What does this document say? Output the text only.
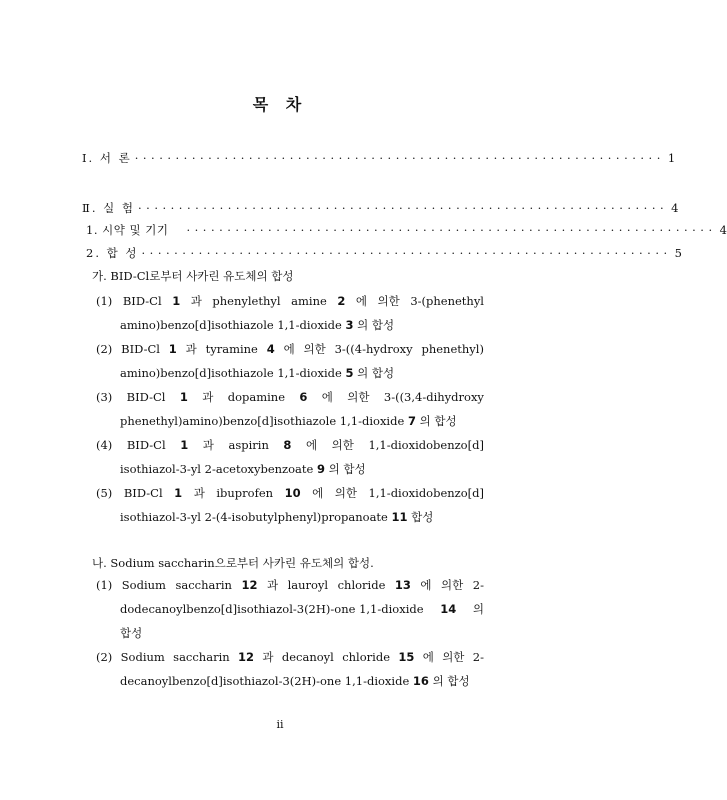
목 차
Ⅰ. 서 론 ································································· 1
Ⅱ. 실 험 ································································· 4
1. 시약 및 기기 ································································· 4
2. 합 성 ································································· 5
가. BID-Cl로부터 사카린 유도체의 합성
(1) BID-Cl 1 과 phenylethyl amine 2 에 의한 3-(phenethyl
amino)benzo[d]isothiazole 1,1-dioxide 3 의 합성
(2) BID-Cl 1 과 tyramine 4 에 의한 3-((4-hydroxy phenethyl)
amino)benzo[d]isothiazole 1,1-dioxide 5 의 합성
(3) BID-Cl 1 과 dopamine 6 에 의한 3-((3,4-dihydroxy
phenethyl)amino)benzo[d]isothiazole 1,1-dioxide 7 의 합성
(4) BID-Cl 1 과 aspirin 8 에 의한 1,1-dioxidobenzo[d]
isothiazol-3-yl 2-acetoxybenzoate 9 의 합성
(5) BID-Cl 1 과 ibuprofen 10 에 의한 1,1-dioxidobenzo[d]
isothiazol-3-yl 2-(4-isobutylphenyl)propanoate 11 합성
나. Sodium saccharin으로부터 사카린 유도체의 합성.
(1) Sodium saccharin 12 과 lauroyl chloride 13 에 의한 2-
dodecanoylbenzo[d]isothiazol-3(2H)-one 1,1-dioxide 14 의
합성
(2) Sodium saccharin 12 과 decanoyl chloride 15 에 의한 2-
decanoylbenzo[d]isothiazol-3(2H)-one 1,1-dioxide 16 의 합성
ii
